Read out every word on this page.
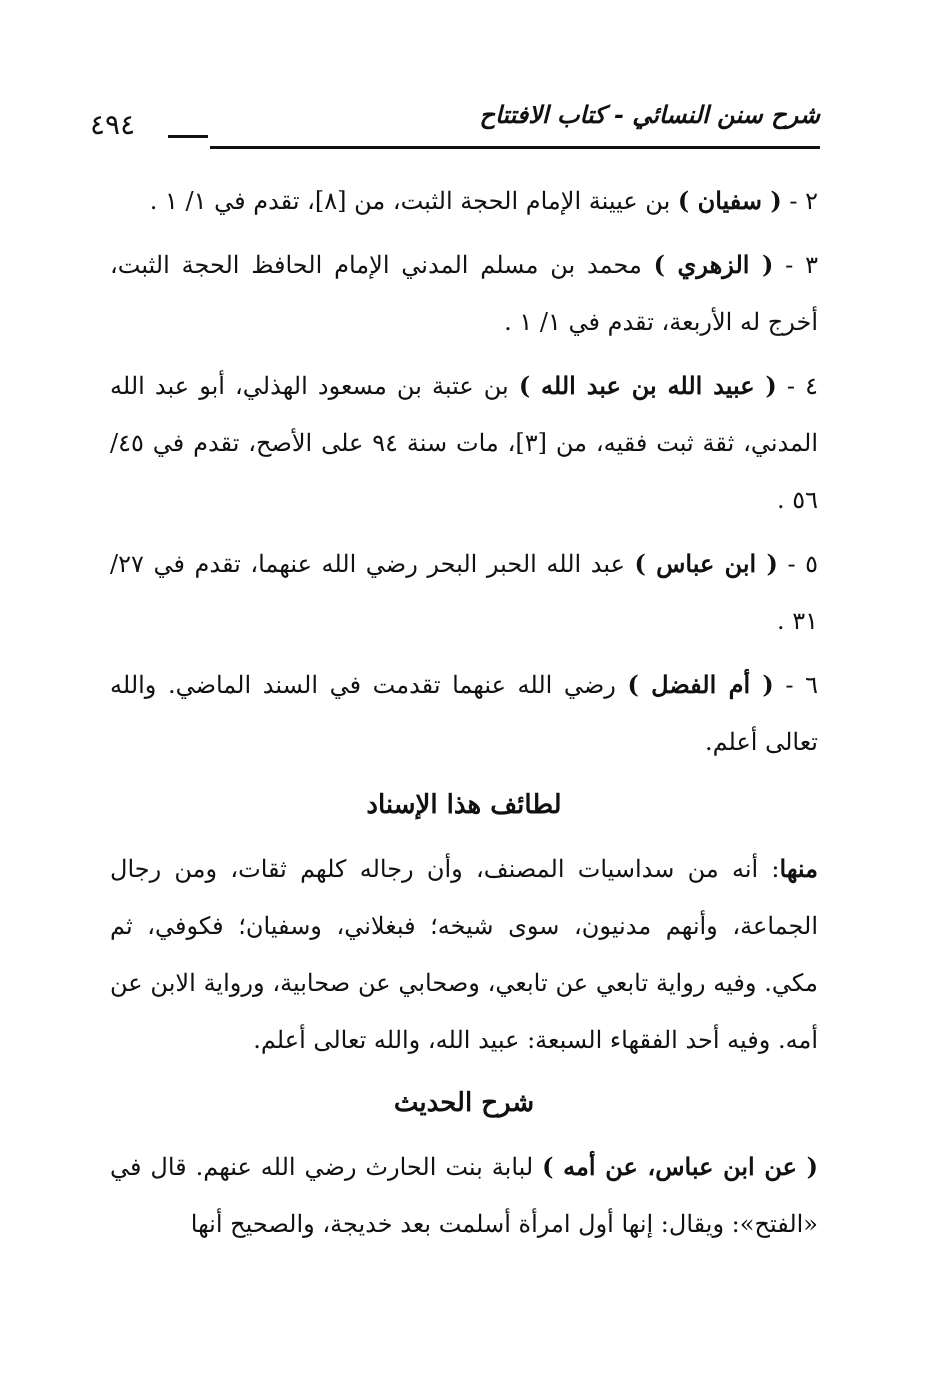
٤٩٤	شرح سنن النسائي - كتاب الافتتاح

٢ - ( سفيان ) بن عيينة الإمام الحجة الثبت، من [٨]، تقدم في ١/ ١ .

٣ - ( الزهري ) محمد بن مسلم المدني الإمام الحافظ الحجة الثبت، أخرج له الأربعة، تقدم في ١/ ١ .

٤ - ( عبيد الله بن عبد الله ) بن عتبة بن مسعود الهذلي، أبو عبد الله المدني، ثقة ثبت فقيه، من [٣]، مات سنة ٩٤ على الأصح، تقدم في ٤٥/ ٥٦ .

٥ - ( ابن عباس ) عبد الله الحبر البحر رضي الله عنهما، تقدم في ٢٧/ ٣١ .

٦ - ( أم الفضل ) رضي الله عنهما تقدمت في السند الماضي. والله تعالى أعلم.

لطائف هذا الإسناد

منها: أنه من سداسيات المصنف، وأن رجاله كلهم ثقات، ومن رجال الجماعة، وأنهم مدنيون، سوى شيخه؛ فبغلاني، وسفيان؛ فكوفي، ثم مكي. وفيه رواية تابعي عن تابعي، وصحابي عن صحابية، ورواية الابن عن أمه. وفيه أحد الفقهاء السبعة: عبيد الله، والله تعالى أعلم.

شرح الحديث

( عن ابن عباس، عن أمه ) لبابة بنت الحارث رضي الله عنهم. قال في «الفتح»: ويقال: إنها أول امرأة أسلمت بعد خديجة، والصحيح أنها
